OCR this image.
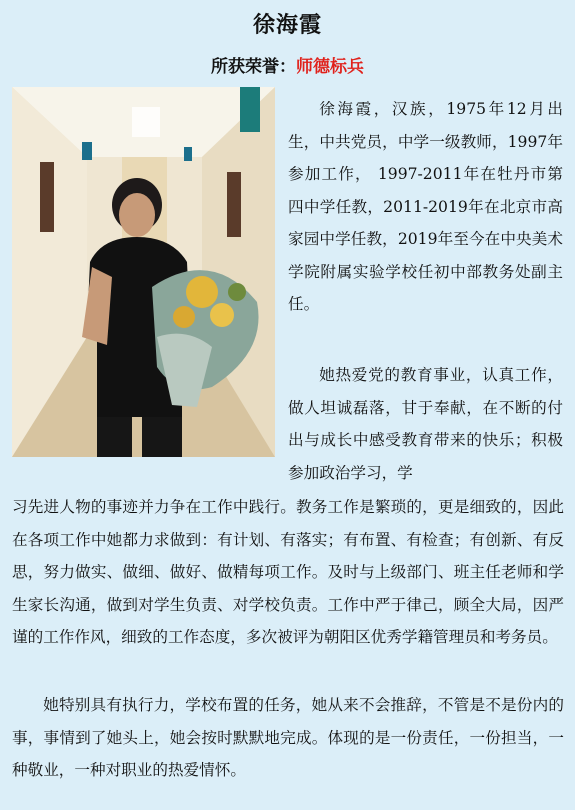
徐海霞
所获荣誉：师德标兵

徐海霞，汉族，1975年12月出生，中共党员，中学一级教师，1997年参加工作， 1997-2011年在牡丹市第四中学任教，2011-2019年在北京市高家园中学任教，2019年至今在中央美术学院附属实验学校任初中部教务处副主任。

她热爱党的教育事业，认真工作，做人坦诚磊落，甘于奉献，在不断的付出与成长中感受教育带来的快乐；积极参加政治学习，学

习先进人物的事迹并力争在工作中践行。教务工作是繁琐的，更是细致的，因此在各项工作中她都力求做到：有计划、有落实；有布置、有检查；有创新、有反思，努力做实、做细、做好、做精每项工作。及时与上级部门、班主任老师和学生家长沟通，做到对学生负责、对学校负责。工作中严于律己，顾全大局，因严谨的工作作风，细致的工作态度，多次被评为朝阳区优秀学籍管理员和考务员。

她特别具有执行力，学校布置的任务，她从来不会推辞，不管是不是份内的事，事情到了她头上，她会按时默默地完成。体现的是一份责任，一份担当，一种敬业，一种对职业的热爱情怀。
